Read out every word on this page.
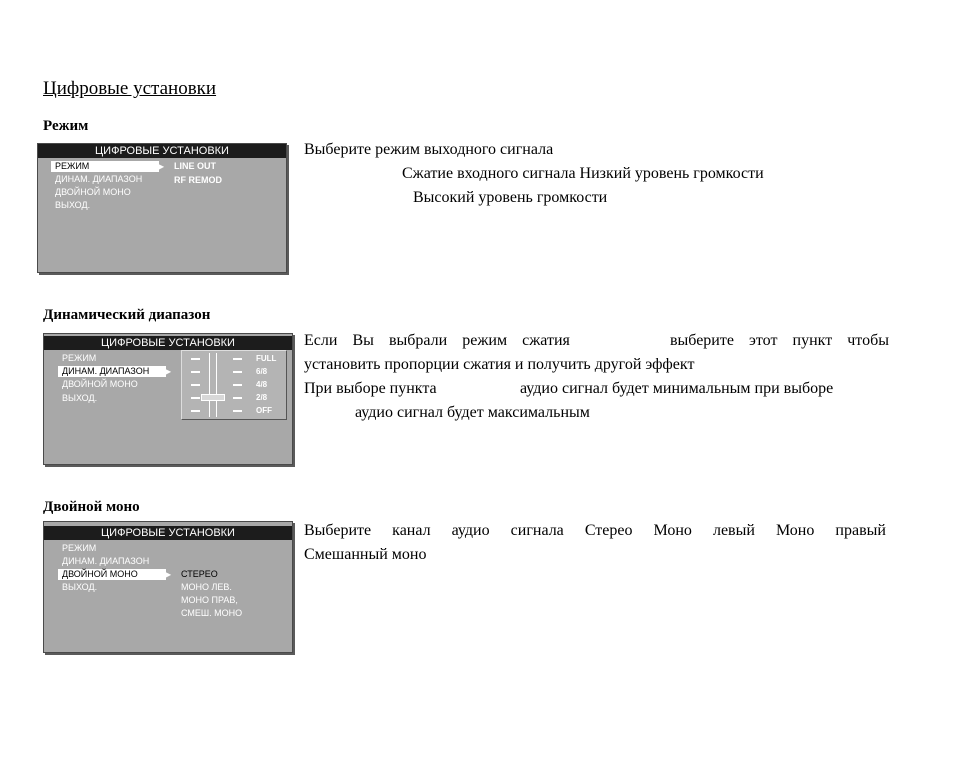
Цифровые установки
Режим
ЦИФРОВЫЕ УСТАНОВКИ
РЕЖИМ	▶
ДИНАМ. ДИАПАЗОН
ДВОЙНОЙ МОНО
ВЫХОД.
LINE OUT
RF REMOD
Выберите режим выходного сигнала
Сжатие входного сигнала Низкий уровень громкости
Высокий уровень громкости
Динамический диапазон
ЦИФРОВЫЕ УСТАНОВКИ
РЕЖИМ
ДИНАМ. ДИАПАЗОН	▶
ДВОЙНОЙ МОНО
ВЫХОД.
FULL
6/8
4/8
2/8
OFF
Если Вы выбрали режим сжатия	выберите этот пункт чтобы
установить пропорции сжатия и получить другой эффект
При выборе пункта	аудио сигнал будет минимальным при выборе
аудио сигнал будет максимальным
Двойной моно
ЦИФРОВЫЕ УСТАНОВКИ
РЕЖИМ
ДИНАМ. ДИАПАЗОН
ДВОЙНОЙ МОНО	▶
ВЫХОД.
СТЕРЕО
МОНО ЛЕВ.
МОНО ПРАВ,
СМЕШ. МОНО
Выберите канал аудио сигнала Стерео Моно левый Моно правый
Смешанный моно
